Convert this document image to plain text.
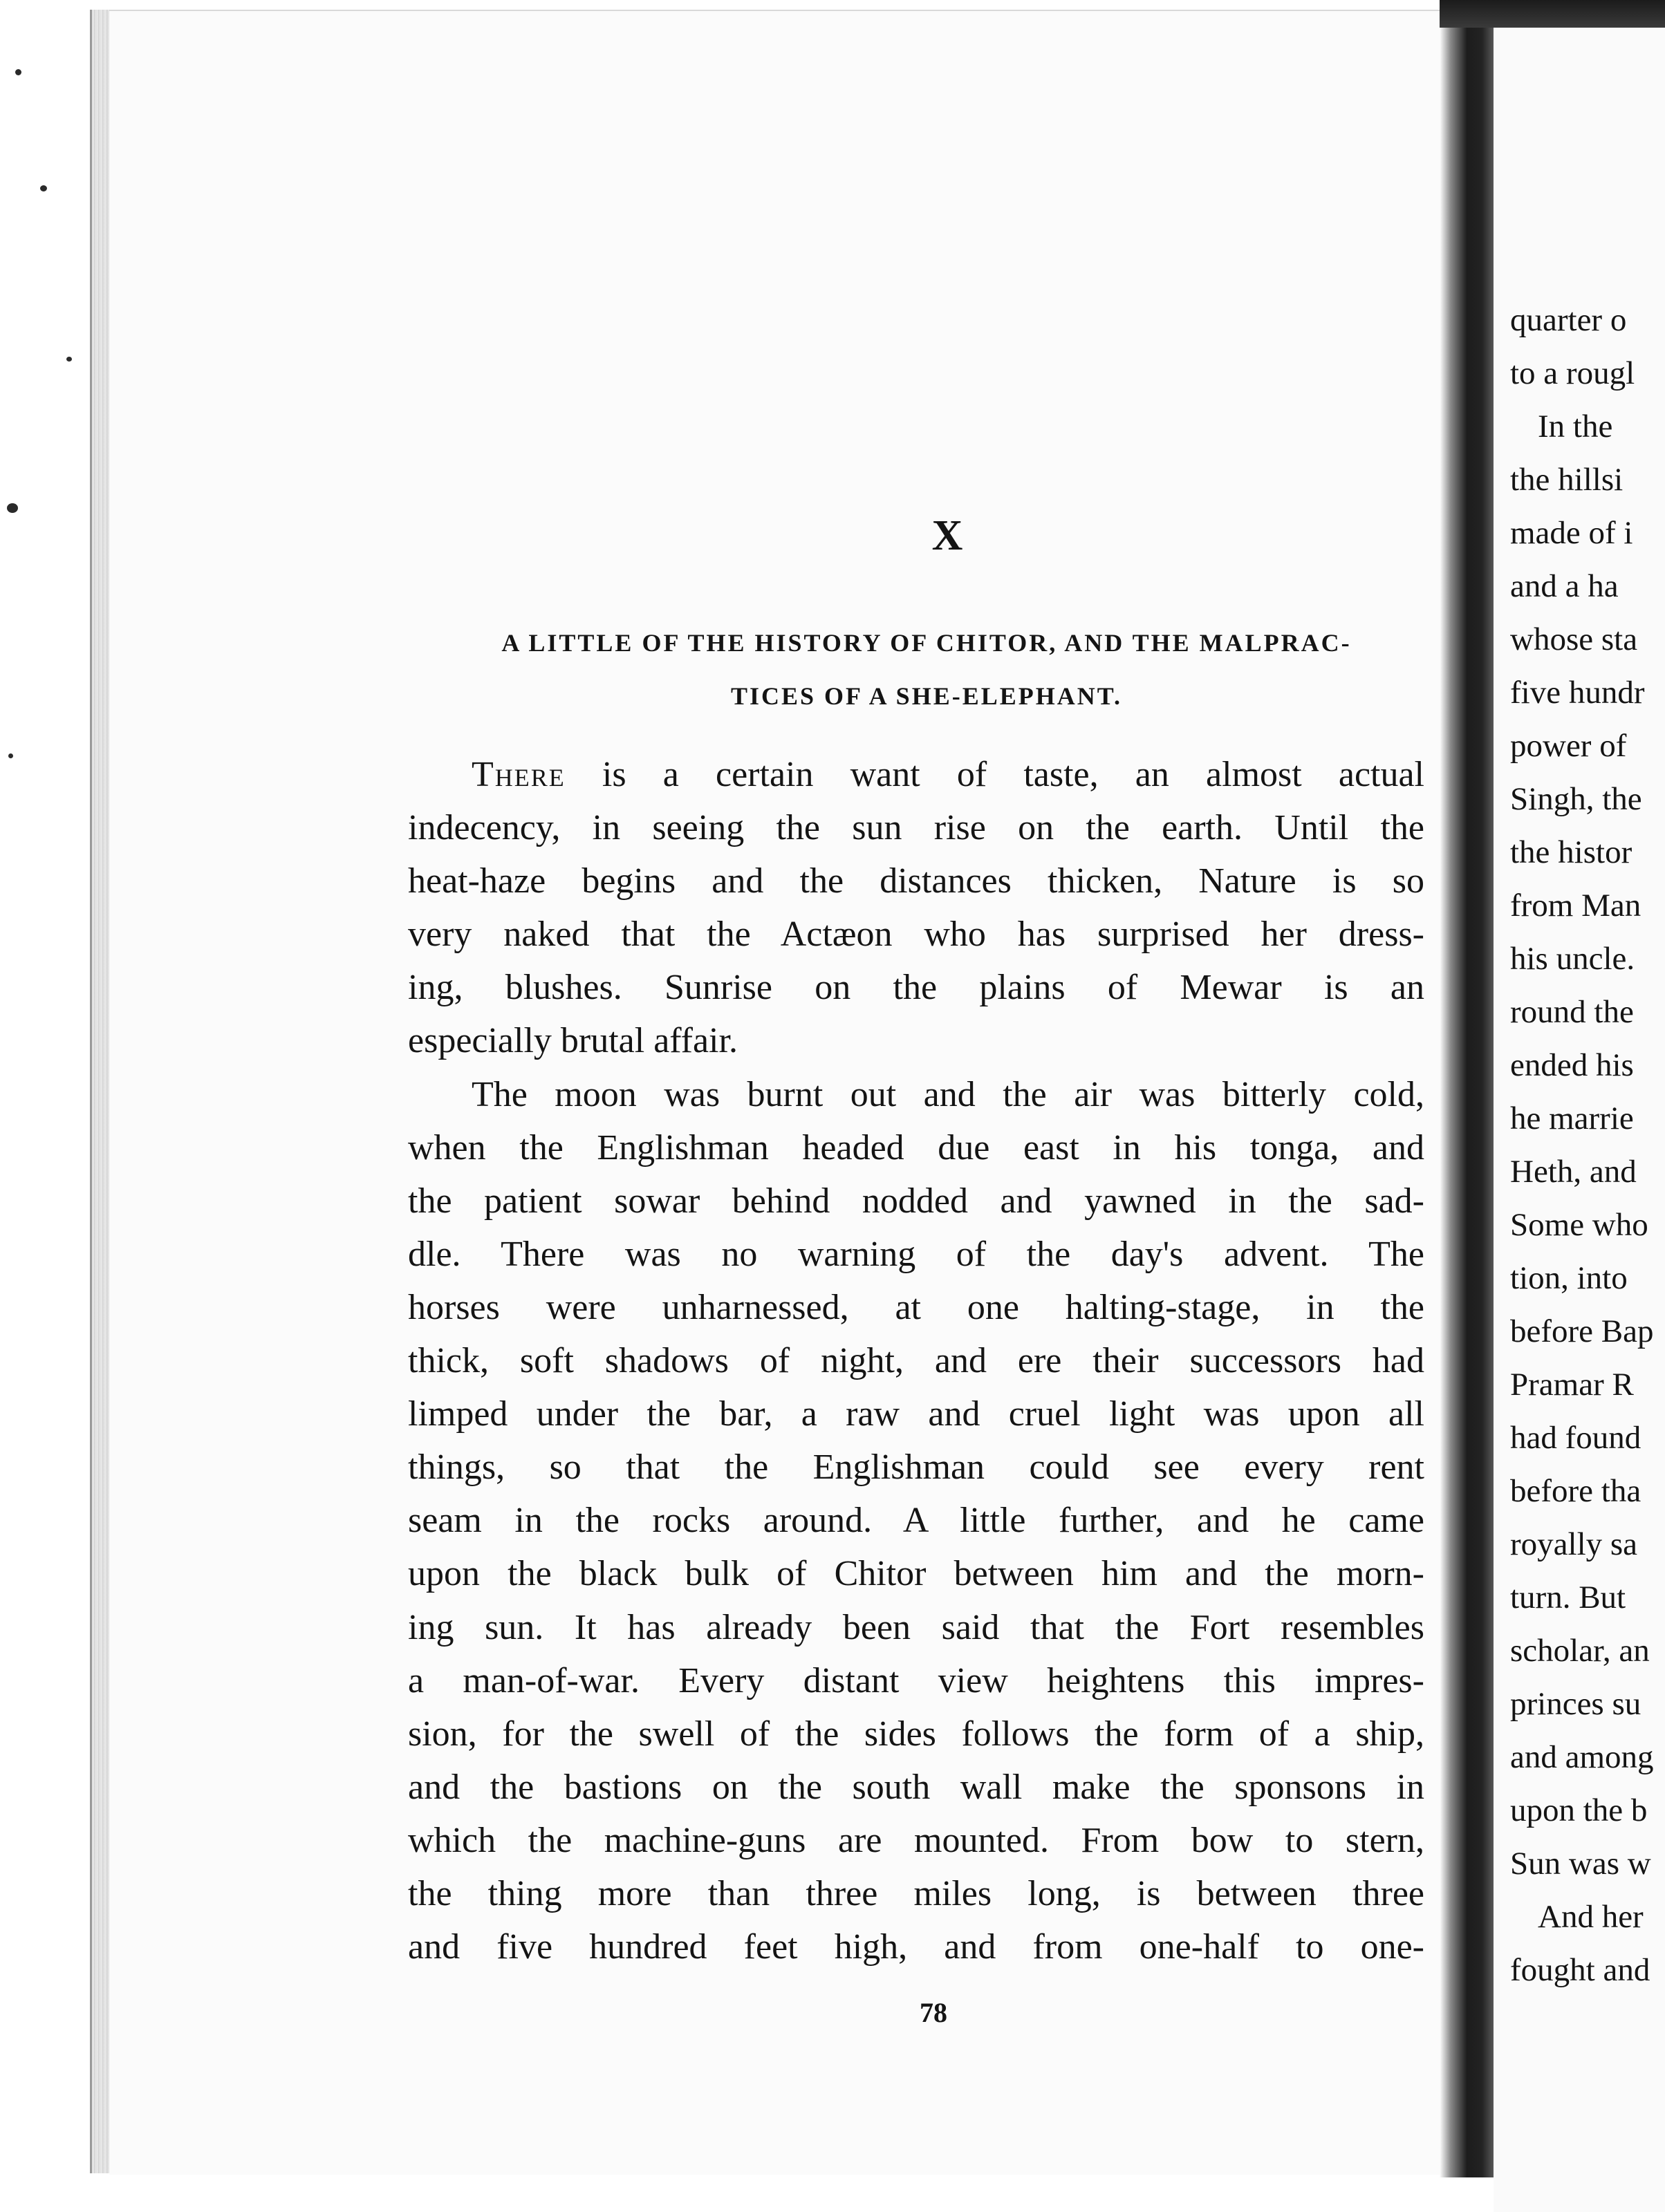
quarter o
to a rougl
In the
the hillsi
made of i
and a ha
whose sta
five hundr
power of
Singh, the
the histor
from Man
his uncle.
round the
ended his
he marrie
Heth, and
Some who
tion, into
before Bap
Pramar R
had found
before tha
royally sa
turn. But
scholar, an
princes su
and among
upon the b
Sun was w
And her
fought and
X
A LITTLE OF THE HISTORY OF CHITOR, AND THE MALPRAC-
TICES OF A SHE-ELEPHANT.
There is a certain want of taste, an almost actual
indecency, in seeing the sun rise on the earth. Until the
heat-haze begins and the distances thicken, Nature is so
very naked that the Actæon who has surprised her dress-
ing, blushes. Sunrise on the plains of Mewar is an
especially brutal affair.
The moon was burnt out and the air was bitterly cold,
when the Englishman headed due east in his tonga, and
the patient sowar behind nodded and yawned in the sad-
dle. There was no warning of the day's advent. The
horses were unharnessed, at one halting-stage, in the
thick, soft shadows of night, and ere their successors had
limped under the bar, a raw and cruel light was upon all
things, so that the Englishman could see every rent
seam in the rocks around. A little further, and he came
upon the black bulk of Chitor between him and the morn-
ing sun. It has already been said that the Fort resembles
a man-of-war. Every distant view heightens this impres-
sion, for the swell of the sides follows the form of a ship,
and the bastions on the south wall make the sponsons in
which the machine-guns are mounted. From bow to stern,
the thing more than three miles long, is between three
and five hundred feet high, and from one-half to one-
78
